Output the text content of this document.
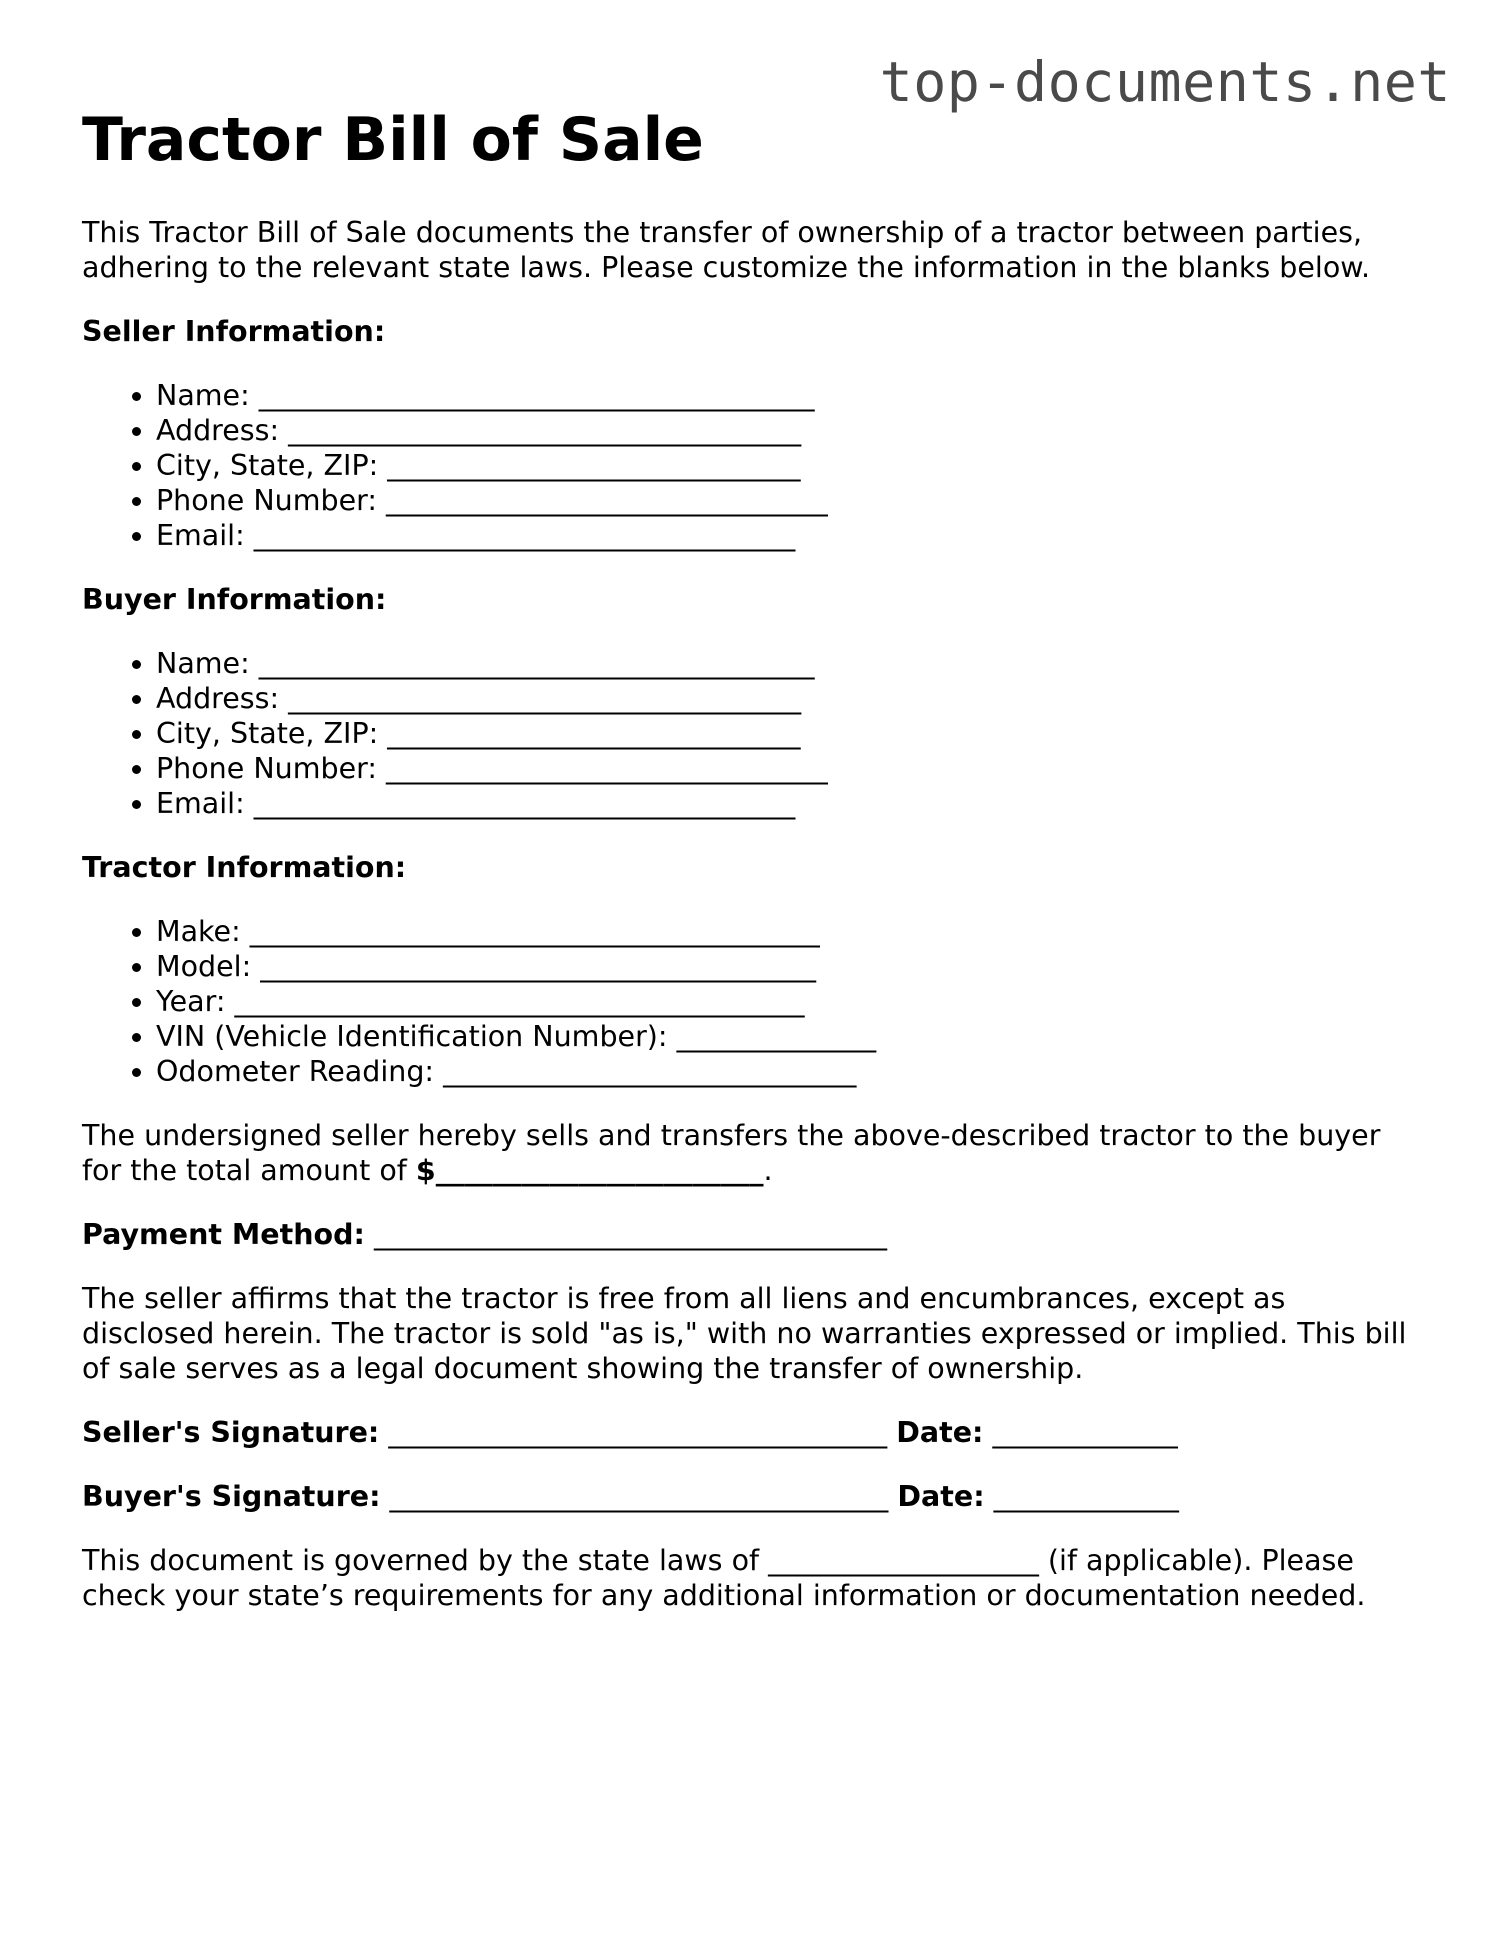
top-documents.net
Tractor Bill of Sale

This Tractor Bill of Sale documents the transfer of ownership of a tractor between parties, adhering to the relevant state laws. Please customize the information in the blanks below.

Seller Information:
• Name: _______________________________________
• Address: ____________________________________
• City, State, ZIP: _____________________________
• Phone Number: _______________________________
• Email: ______________________________________
Buyer Information:
• Name: _______________________________________
• Address: ____________________________________
• City, State, ZIP: _____________________________
• Phone Number: _______________________________
• Email: ______________________________________
Tractor Information:
• Make: ________________________________________
• Model: _______________________________________
• Year: ________________________________________
• VIN (Vehicle Identification Number): ______________
• Odometer Reading: _____________________________

The undersigned seller hereby sells and transfers the above-described tractor to the buyer for the total amount of $_______________________.

Payment Method: ____________________________________

The seller affirms that the tractor is free from all liens and encumbrances, except as disclosed herein. The tractor is sold "as is," with no warranties expressed or implied. This bill of sale serves as a legal document showing the transfer of ownership.

Seller's Signature: ___________________________________ Date: _____________

Buyer's Signature: ___________________________________ Date: _____________

This document is governed by the state laws of ___________________ (if applicable). Please check your state’s requirements for any additional information or documentation needed.
